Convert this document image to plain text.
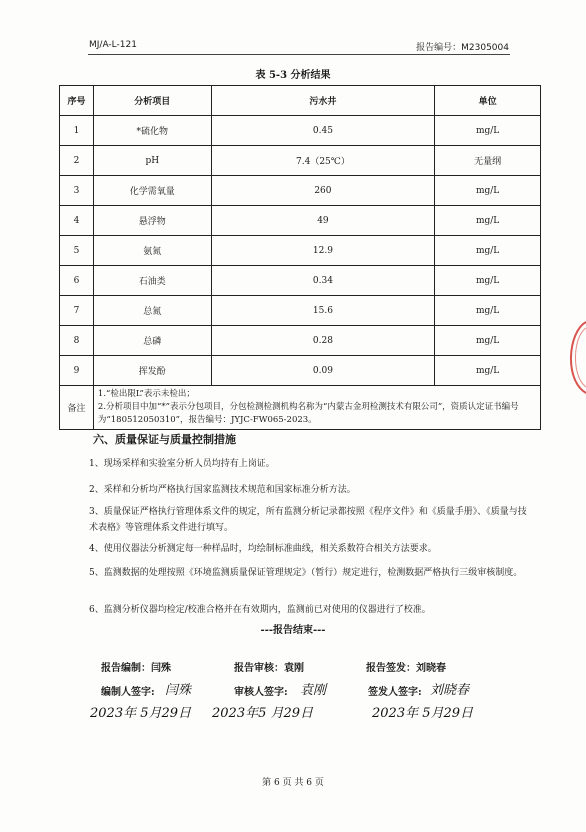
MJ/A-L-121	报告编号：M2305004
表 5-3 分析结果
序号	分析项目	污水井	单位
1	*硫化物	0.45	mg/L
2	pH	7.4（25℃）	无量纲
3	化学需氧量	260	mg/L
4	悬浮物	49	mg/L
5	氨氮	12.9	mg/L
6	石油类	0.34	mg/L
7	总氮	15.6	mg/L
8	总磷	0.28	mg/L
9	挥发酚	0.09	mg/L
备注	1.“检出限L”表示未检出；
2.分析项目中加“*”表示分包项目，分包检测检测机构名称为“内蒙古金玥检测技术有限公司”，资质认定证书编号为“180512050310”，报告编号：JYJC-FW065-2023。		
六、质量保证与质量控制措施
1、现场采样和实验室分析人员均持有上岗证。
2、采样和分析均严格执行国家监测技术规范和国家标准分析方法。
3、质量保证严格执行管理体系文件的规定，所有监测分析记录都按照《程序文件》和《质量手册》、《质量与技术表格》等管理体系文件进行填写。
4、使用仪器法分析测定每一种样品时，均绘制标准曲线，相关系数符合相关方法要求。
5、监测数据的处理按照《环境监测质量保证管理规定》（暂行）规定进行，检测数据严格执行三级审核制度。
6、监测分析仪器均检定/校准合格并在有效期内，监测前已对使用的仪器进行了校准。
---报告结束---
报告编制：闫殊	报告审核：袁刚	报告签发：刘晓春
编制人签字:	审核人签字:	签发人签字:
闫殊	袁刚	刘晓春
2023年 5月29日 2023年5 月29日	2023年 5月29日
第 6 页 共 6 页
